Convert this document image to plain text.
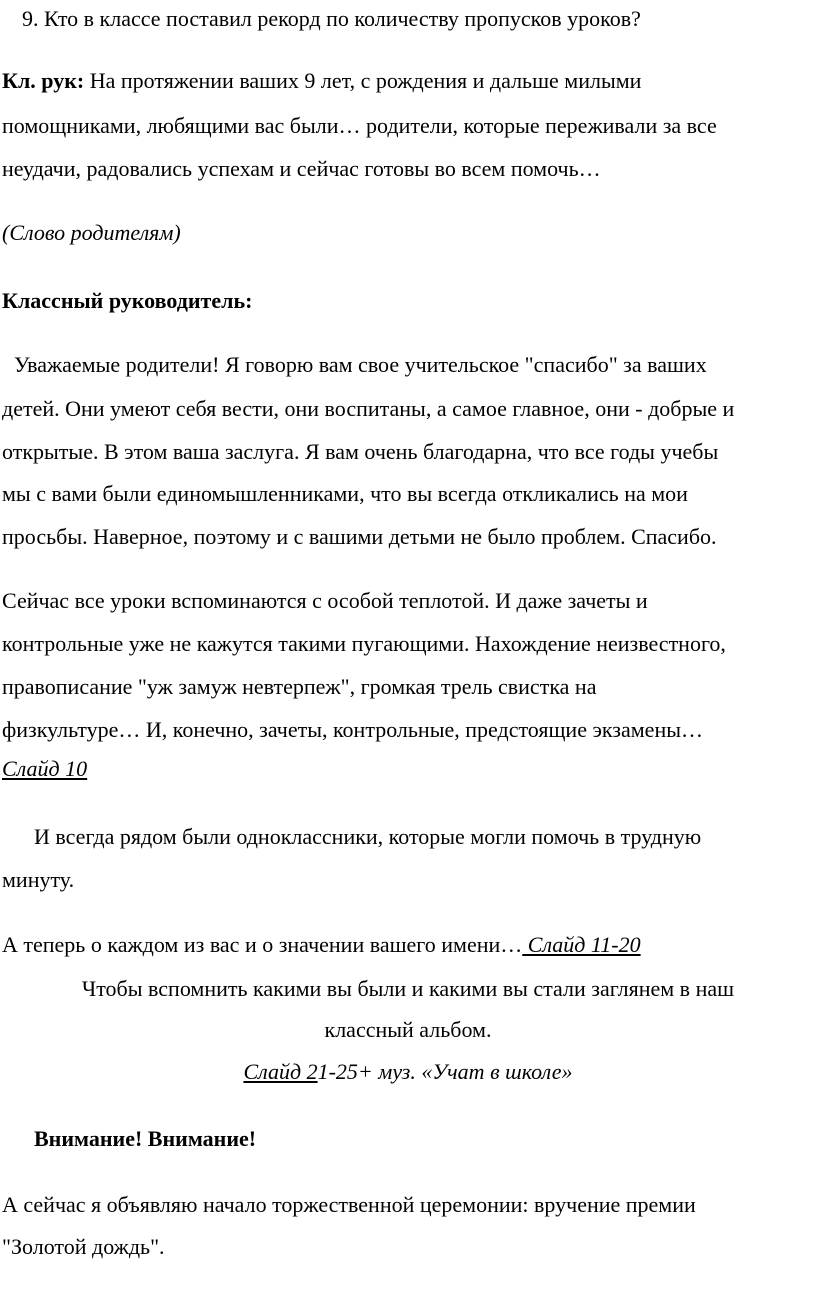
9. Кто в классе поставил рекорд по количеству пропусков уроков?
Кл. рук: На протяжении ваших 9 лет, с рождения и дальше милыми
помощниками, любящими вас были… родители, которые переживали за все
неудачи, радовались успехам и сейчас готовы во всем помочь…
(Слово родителям)
Классный руководитель:
Уважаемые родители! Я говорю вам свое учительское "спасибо" за ваших
детей. Они умеют себя вести, они воспитаны, а самое главное, они - добрые и
открытые. В этом ваша заслуга. Я вам очень благодарна, что все годы учебы
мы с вами были единомышленниками, что вы всегда откликались на мои
просьбы. Наверное, поэтому и с вашими детьми не было проблем. Спасибо.
Сейчас все уроки вспоминаются с особой теплотой. И даже зачеты и
контрольные уже не кажутся такими пугающими. Нахождение неизвестного,
правописание "уж замуж невтерпеж", громкая трель свистка на
физкультуре… И, конечно, зачеты, контрольные, предстоящие экзамены…
Слайд 10
И всегда рядом были одноклассники, которые могли помочь в трудную
минуту.
А теперь о каждом из вас и о значении вашего имени… Слайд 11-20
Чтобы вспомнить какими вы были и какими вы стали заглянем в наш
классный альбом.
Слайд 21-25+ муз. «Учат в школе»
Внимание! Внимание!
А сейчас я объявляю начало торжественной церемонии: вручение премии
"Золотой дождь".
